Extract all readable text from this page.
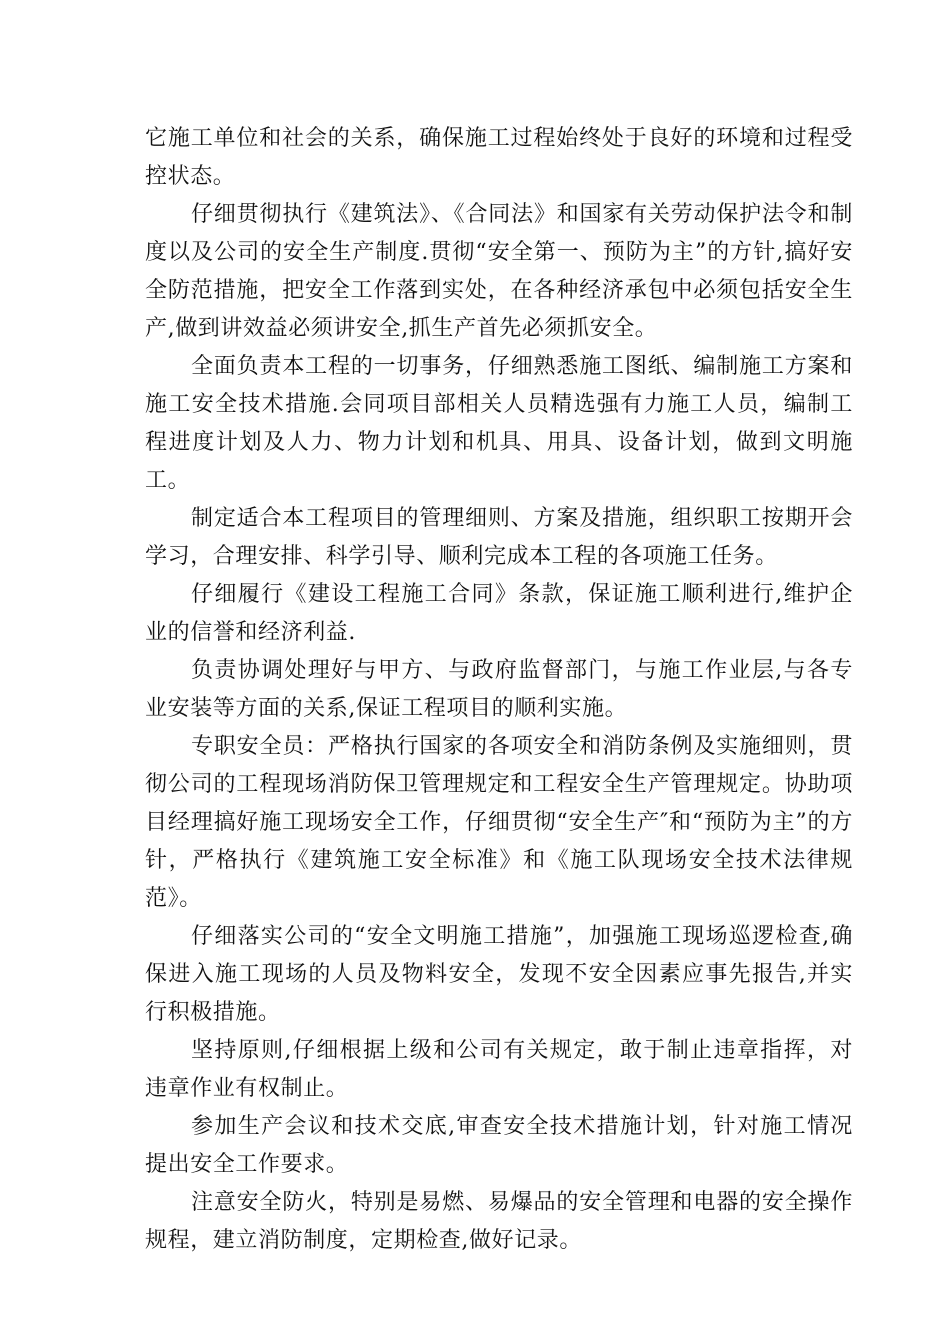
它施工单位和社会的关系，确保施工过程始终处于良好的环境和过程受控状态。

仔细贯彻执行《建筑法》、《合同法》和国家有关劳动保护法令和制度以及公司的安全生产制度.贯彻“安全第一、预防为主”的方针,搞好安全防范措施，把安全工作落到实处，在各种经济承包中必须包括安全生产,做到讲效益必须讲安全,抓生产首先必须抓安全。

全面负责本工程的一切事务，仔细熟悉施工图纸、编制施工方案和施工安全技术措施.会同项目部相关人员精选强有力施工人员，编制工程进度计划及人力、物力计划和机具、用具、设备计划，做到文明施工。

制定适合本工程项目的管理细则、方案及措施，组织职工按期开会学习，合理安排、科学引导、顺利完成本工程的各项施工任务。

仔细履行《建设工程施工合同》条款，保证施工顺利进行,维护企业的信誉和经济利益.

负责协调处理好与甲方、与政府监督部门，与施工作业层,与各专业安装等方面的关系,保证工程项目的顺利实施。

专职安全员：严格执行国家的各项安全和消防条例及实施细则，贯彻公司的工程现场消防保卫管理规定和工程安全生产管理规定。协助项目经理搞好施工现场安全工作，仔细贯彻“安全生产″和“预防为主”的方针，严格执行《建筑施工安全标准》和《施工队现场安全技术法律规范》。

仔细落实公司的“安全文明施工措施”，加强施工现场巡逻检查,确保进入施工现场的人员及物料安全，发现不安全因素应事先报告,并实行积极措施。

坚持原则,仔细根据上级和公司有关规定，敢于制止违章指挥，对违章作业有权制止。

参加生产会议和技术交底,审查安全技术措施计划，针对施工情况提出安全工作要求。

注意安全防火，特别是易燃、易爆品的安全管理和电器的安全操作规程，建立消防制度，定期检查,做好记录。
